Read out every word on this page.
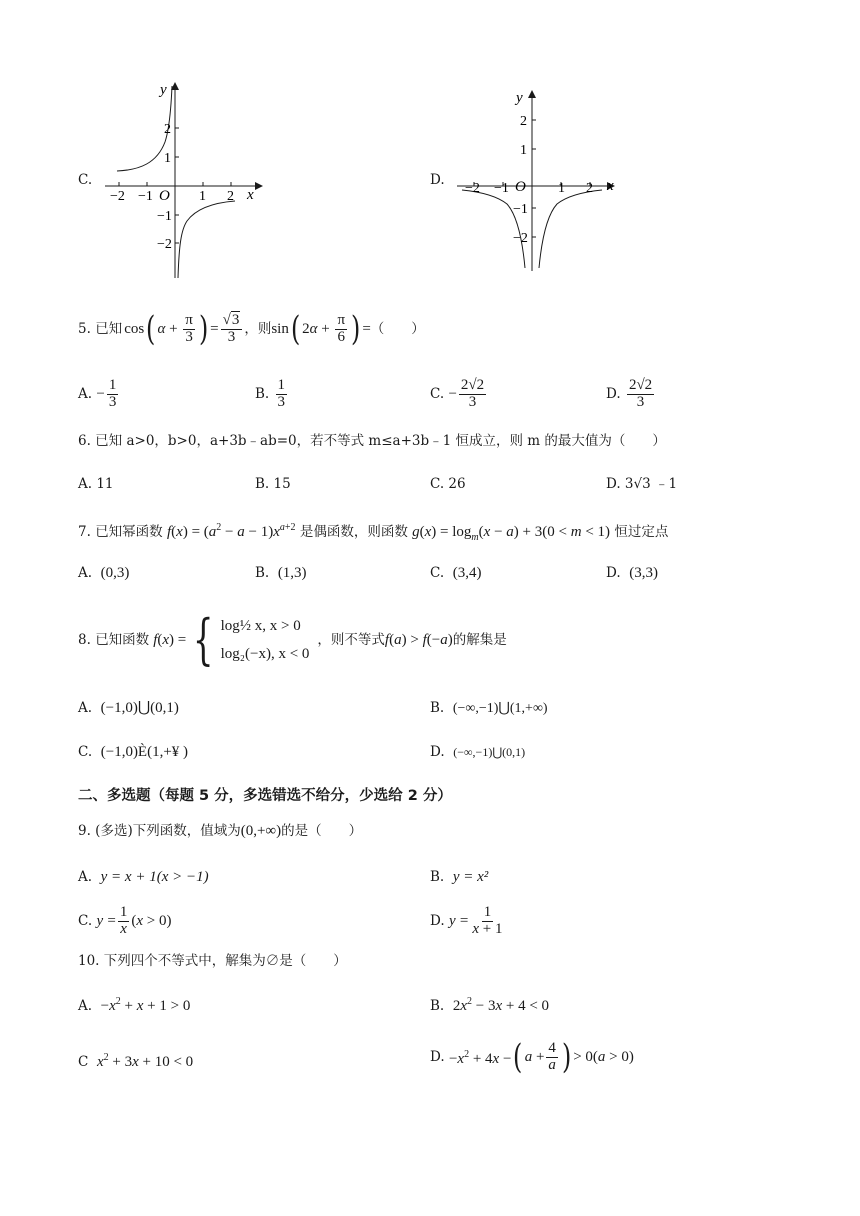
C.
y
x
O
−2 −1	1 2
2
1
−1
−2
D.
y
x
O
−2 −1	1 2
2
1
−1
−2
5.
已知 cos ( $\alpha + \frac{\pi}{3}$ ) = $\frac{√3}{3}$ ，则 sin ( $2\alpha + \frac{\pi}{6}$ ) = （　　）
A.
− $\frac{1}{3}$	B.
$\frac{1}{3}$	C.
− $\frac{2√2}{3}$	D.
$\frac{2√2}{3}$
6. 已知 a>0，b>0，a+3b﹣ab=0，若不等式 m≤a+3b﹣1 恒成立，则 m 的最大值为（　　）
A. 11	B. 15	C. 26	D. 3√3 ﹣1
7. 已知幂函数 $f(x) = (a^2 - a - 1)x^{a+2}$ 是偶函数，则函数 $g(x) = \log_m(x - a) + 3(0 < m < 1)$ 恒过定点
A. (0,3)	B. (1,3)	C. (3,4)	D. (3,3)
8.
已知函数 f(x) = { log½ x, x > 0
log₂(−x), x < 0
，则不等式 f(a) > f(−a) 的解集是
A. (−1,0)⋃(0,1)	B. (−∞,−1)⋃(1,+∞)
C. (−1,0)È(1,+¥ )	D. (−∞,−1)⋃(0,1)
二、多选题（每题 5 分，多选错选不给分，少选给 2 分）
9. (多选)下列函数，值域为(0,+∞)的是（　　）
A. y = x + 1(x > −1)	B. y = x²
C.
y
= $\frac{1}{x} (x > 0)$	D.
y
= $\frac{1}{x + 1}$
10. 下列四个不等式中，解集为∅是（　　）
A. $-x^2 + x + 1 > 0$	B. $2x^2 - 3x + 4 < 0$
C $x^2 + 3x + 10 < 0$	D.
$-x^2 + 4x$ − ( $a + \frac{4}{a}$ ) > 0(a > 0)
